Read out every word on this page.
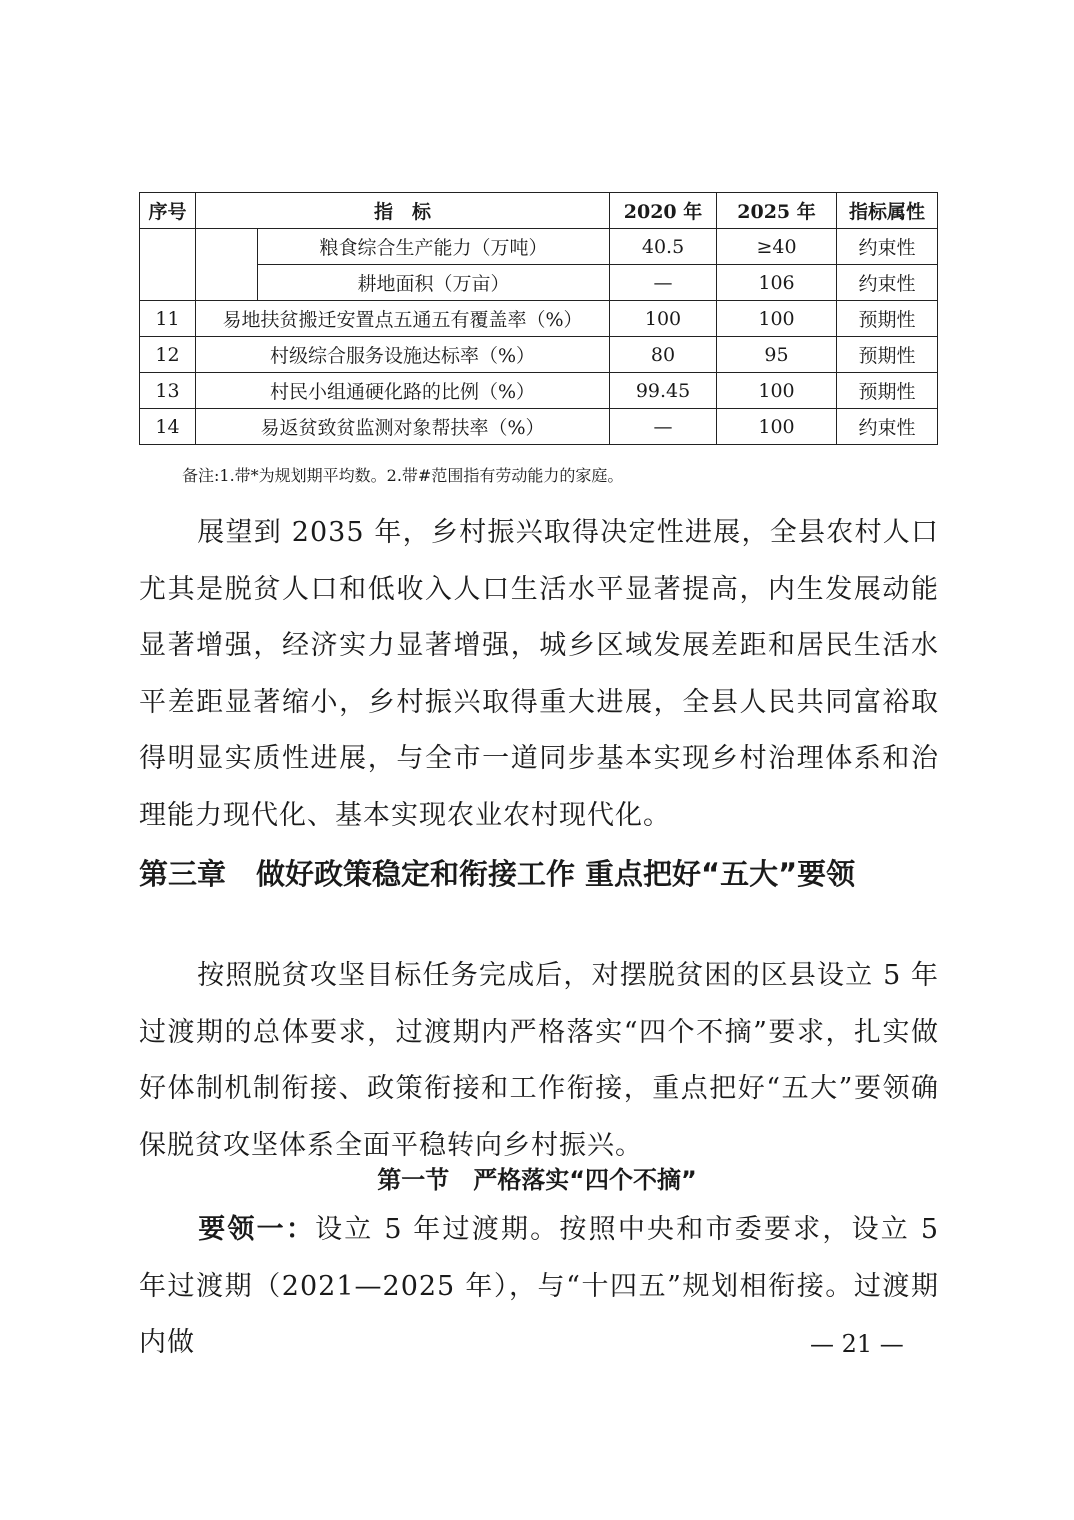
序号	指　标		2020 年	2025 年	指标属性
		粮食综合生产能力（万吨）	40.5	≥40	约束性
		耕地面积（万亩）	—	106	约束性
11	易地扶贫搬迁安置点五通五有覆盖率（%）		100	100	预期性
12	村级综合服务设施达标率（%）		80	95	预期性
13	村民小组通硬化路的比例（%）		99.45	100	预期性
14	易返贫致贫监测对象帮扶率（%）		—	100	约束性
备注:1.带*为规划期平均数。2.带#范围指有劳动能力的家庭。

展望到 2035 年，乡村振兴取得决定性进展，全县农村人口尤其是脱贫人口和低收入人口生活水平显著提高，内生发展动能显著增强，经济实力显著增强，城乡区域发展差距和居民生活水平差距显著缩小，乡村振兴取得重大进展，全县人民共同富裕取得明显实质性进展，与全市一道同步基本实现乡村治理体系和治理能力现代化、基本实现农业农村现代化。

第三章 做好政策稳定和衔接工作 重点把好“五大”要领

按照脱贫攻坚目标任务完成后，对摆脱贫困的区县设立 5 年过渡期的总体要求，过渡期内严格落实“四个不摘”要求，扎实做好体制机制衔接、政策衔接和工作衔接，重点把好“五大”要领确保脱贫攻坚体系全面平稳转向乡村振兴。

第一节 严格落实“四个不摘”

要领一：设立 5 年过渡期。按照中央和市委要求，设立 5 年过渡期（2021—2025 年），与“十四五”规划相衔接。过渡期内做	— 21 —
